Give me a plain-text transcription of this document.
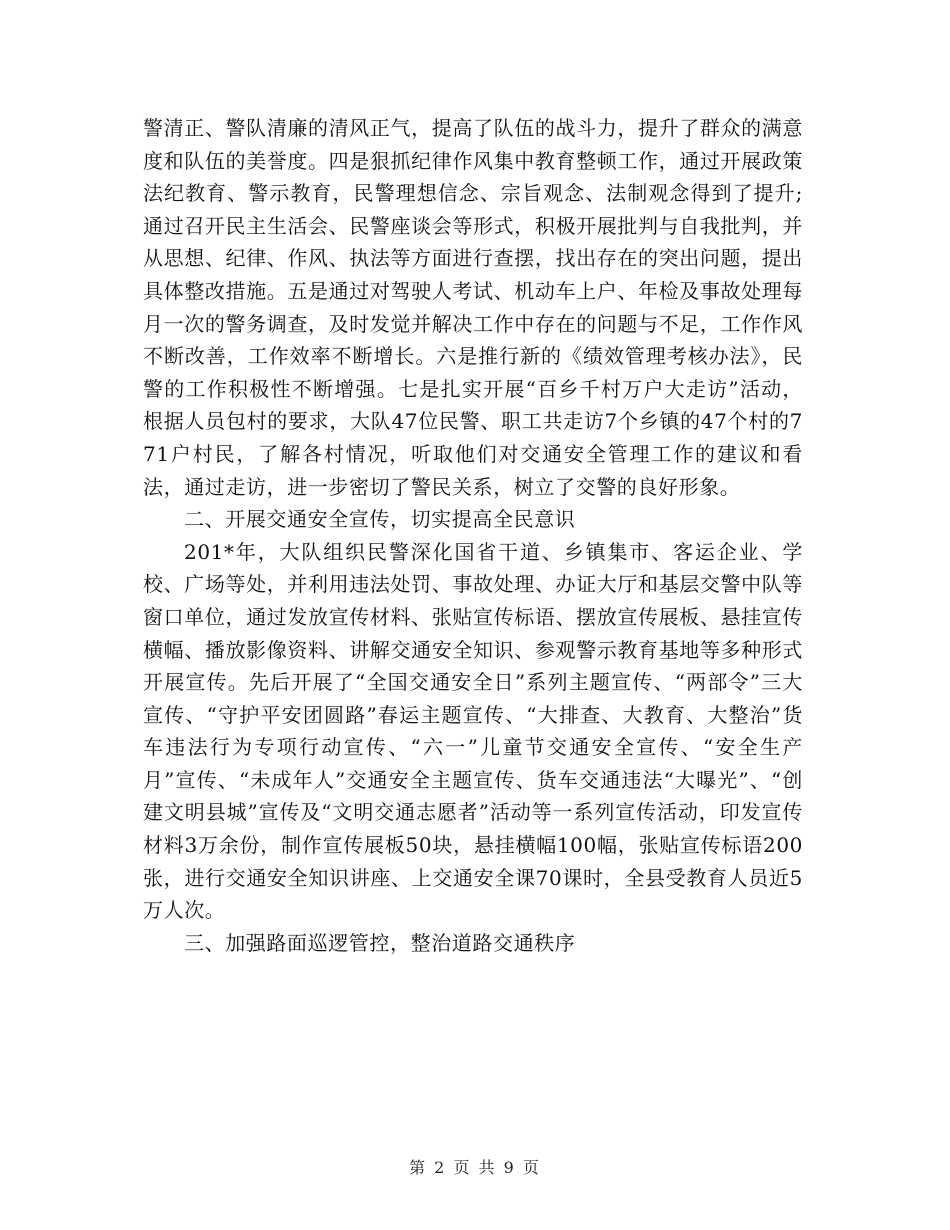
警清正、警队清廉的清风正气，提高了队伍的战斗力，提升了群众的满意度和队伍的美誉度。四是狠抓纪律作风集中教育整顿工作，通过开展政策法纪教育、警示教育，民警理想信念、宗旨观念、法制观念得到了提升;通过召开民主生活会、民警座谈会等形式，积极开展批判与自我批判，并从思想、纪律、作风、执法等方面进行查摆，找出存在的突出问题，提出具体整改措施。五是通过对驾驶人考试、机动车上户、年检及事故处理每月一次的警务调查，及时发觉并解决工作中存在的问题与不足，工作作风不断改善，工作效率不断增长。六是推行新的《绩效管理考核办法》，民警的工作积极性不断增强。七是扎实开展“百乡千村万户大走访”活动，根据人员包村的要求，大队47位民警、职工共走访7个乡镇的47个村的771户村民，了解各村情况，听取他们对交通安全管理工作的建议和看法，通过走访，进一步密切了警民关系，树立了交警的良好形象。

二、开展交通安全宣传，切实提高全民意识

201*年，大队组织民警深化国省干道、乡镇集市、客运企业、学校、广场等处，并利用违法处罚、事故处理、办证大厅和基层交警中队等窗口单位，通过发放宣传材料、张贴宣传标语、摆放宣传展板、悬挂宣传横幅、播放影像资料、讲解交通安全知识、参观警示教育基地等多种形式开展宣传。先后开展了“全国交通安全日”系列主题宣传、“两部令”三大宣传、“守护平安团圆路”春运主题宣传、“大排查、大教育、大整治”货车违法行为专项行动宣传、“六一”儿童节交通安全宣传、“安全生产月”宣传、“未成年人”交通安全主题宣传、货车交通违法“大曝光”、“创建文明县城”宣传及“文明交通志愿者”活动等一系列宣传活动，印发宣传材料3万余份，制作宣传展板50块，悬挂横幅100幅，张贴宣传标语200张，进行交通安全知识讲座、上交通安全课70课时，全县受教育人员近5万人次。

三、加强路面巡逻管控，整治道路交通秩序

第 2 页 共 9 页
